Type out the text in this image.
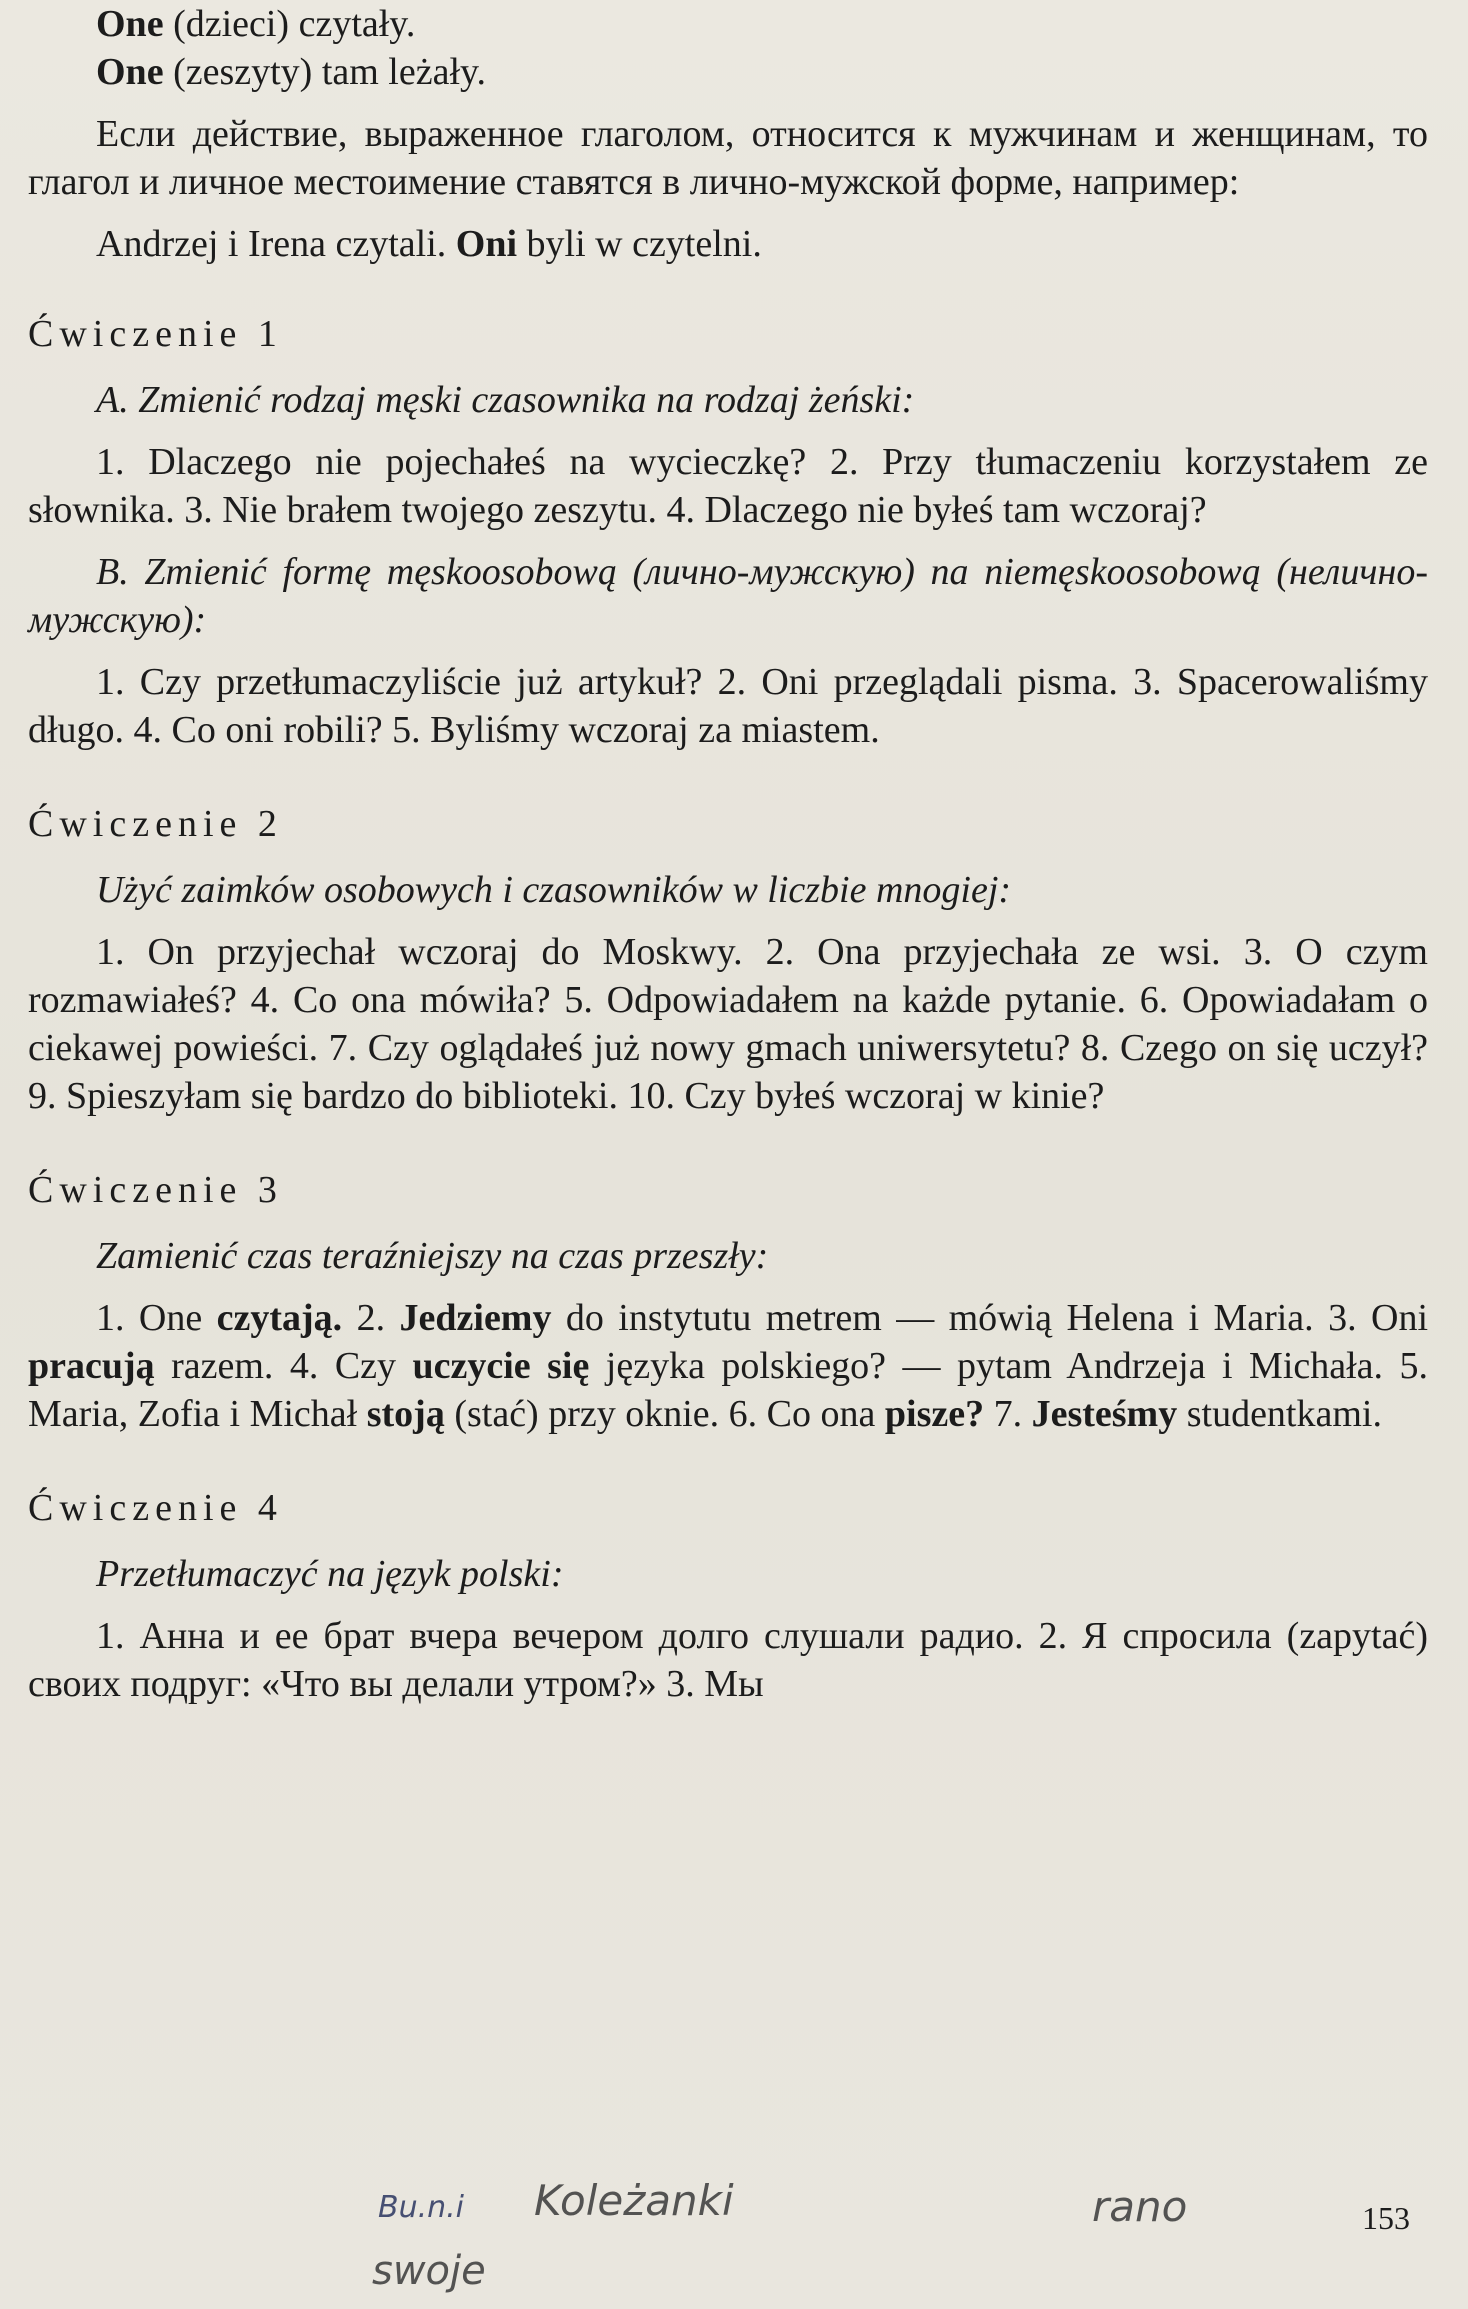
One (dzieci) czytały.

One (zeszyty) tam leżały.

Если действие, выраженное глаголом, относится к мужчинам и женщинам, то глагол и личное местоимение ставятся в лично-мужской форме, например:

Andrzej i Irena czytali. Oni byli w czytelni.

Ćwiczenie 1

A. Zmienić rodzaj męski czasownika na rodzaj żeński:

1. Dlaczego nie pojechałeś na wycieczkę? 2. Przy tłumaczeniu korzystałem ze słownika. 3. Nie brałem twojego zeszytu. 4. Dlaczego nie byłeś tam wczoraj?

B. Zmienić formę męskoosobową (лично-мужскую) na niemęskoosobową (нелично-мужскую):

1. Czy przetłumaczyliście już artykuł? 2. Oni przeglądali pisma. 3. Spacerowaliśmy długo. 4. Co oni robili? 5. Byliśmy wczoraj za miastem.

Ćwiczenie 2

Użyć zaimków osobowych i czasowników w liczbie mnogiej:

1. On przyjechał wczoraj do Moskwy. 2. Ona przyjechała ze wsi. 3. O czym rozmawiałeś? 4. Co ona mówiła? 5. Odpowiadałem na każde pytanie. 6. Opowiadałam o ciekawej powieści. 7. Czy oglądałeś już nowy gmach uniwersytetu? 8. Czego on się uczył? 9. Spieszyłam się bardzo do biblioteki. 10. Czy byłeś wczoraj w kinie?

Ćwiczenie 3

Zamienić czas teraźniejszy na czas przeszły:

1. One czytają. 2. Jedziemy do instytutu metrem — mówią Helena i Maria. 3. Oni pracują razem. 4. Czy uczycie się języka polskiego? — pytam Andrzeja i Michała. 5. Maria, Zofia i Michał stoją (stać) przy oknie. 6. Co ona pisze? 7. Jesteśmy studentkami.

Ćwiczenie 4

Przetłumaczyć na język polski:

1. Анна и ее брат вчера вечером долго слушали радио. 2. Я спросила (zapytać) своих подруг: «Что вы делали утром?» 3. Мы

Bu.n.i Koleżanki
swoje
rano	153
